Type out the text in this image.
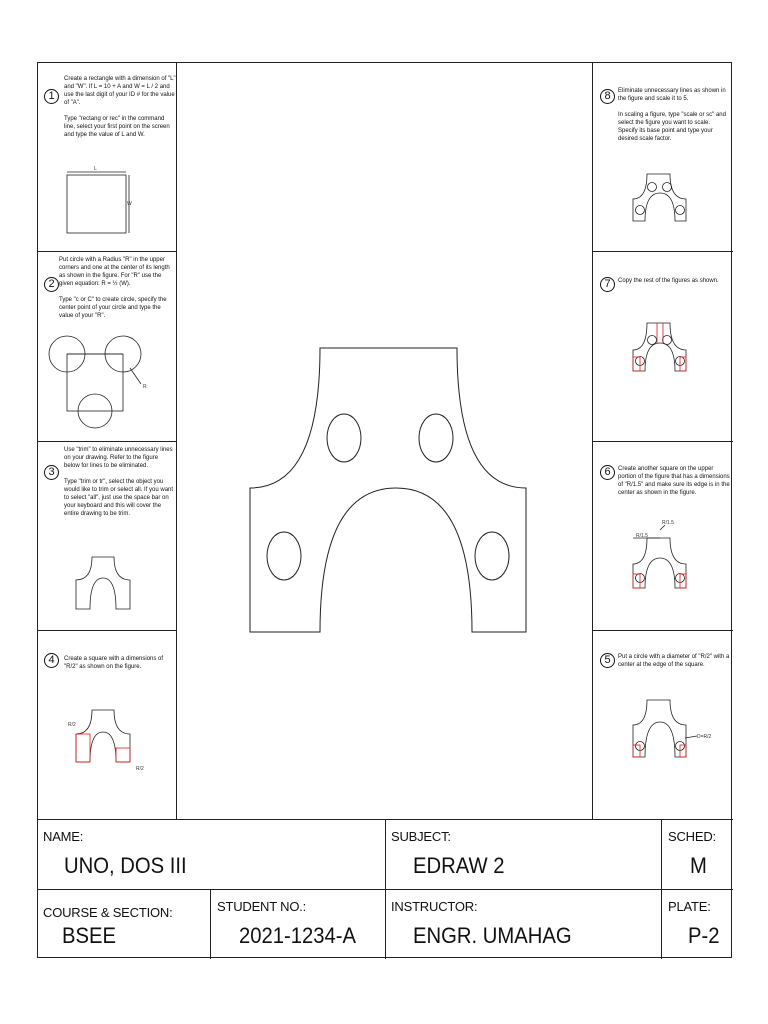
1

Create a rectangle with a dimension of "L" and "W". If L = 10 + A and W = L / 2 and use the last digit of your ID # for the value of "A".

Type "rectang or rec" in the command line, select your first point on the screen and type the value of L and W.

2

Put circle with a Radius "R" in the upper corners and one at the center of its length as shown in the figure. For "R" use the given equation: R = ½ (W).

Type "c or C" to create circle, specify the center point of your circle and type the value of your "R".

3

Use "trim" to eliminate unnecessary lines on your drawing. Refer to the figure below for lines to be eliminated.

Type "trim or tr", select the object you would like to trim or select all. If you want to select "all", just use the space bar on your keyboard and this will cover the entire drawing to be trim.

4	Create a square with a dimensions of "R/2" as shown on the figure.

8	Eliminate unnecessary lines as shown in the figure and scale it to 5.

In scaling a figure, type "scale or sc" and select the figure you want to scale. Specify its base point and type your desired scale factor.

7	Copy the rest of the figures as shown.

6	Create another square on the upper portion of the figure that has a dimensions of "R/1.5" and make sure its edge is in the center as shown in the figure.

5	Put a circle with a diameter of "R/2" with a center at the edge of the square.

NAME:
UNO, DOS III
SUBJECT:
EDRAW 2
SCHED:
M
COURSE & SECTION:
BSEE
STUDENT NO.:
2021-1234-A
INSTRUCTOR:
ENGR. UMAHAG
PLATE:
P-2
L
W
R
R/2
R/2
R/1.5
R/1.5
D=R/2
